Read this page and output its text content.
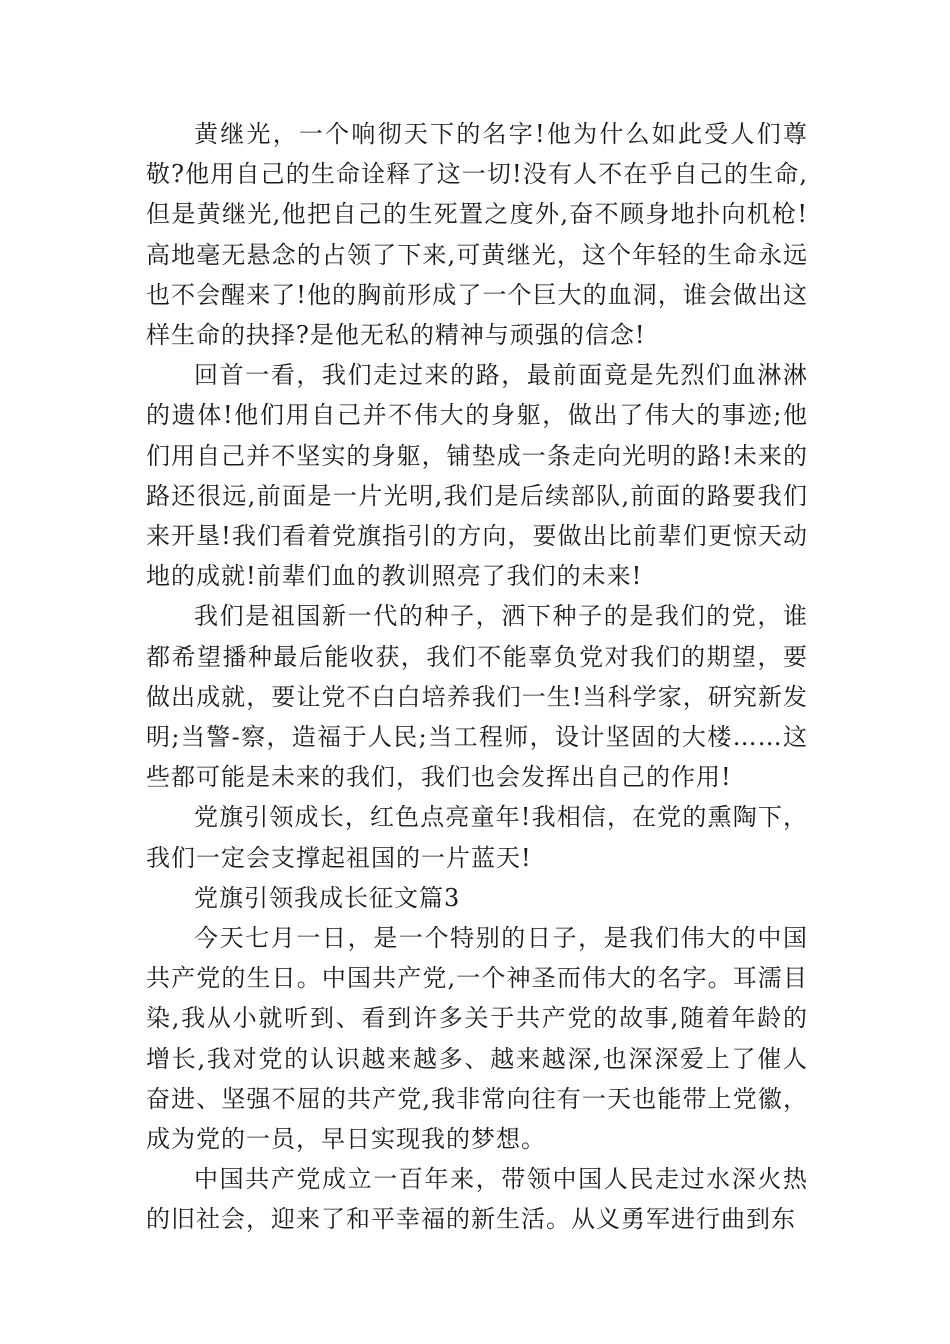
黄继光，一个响彻天下的名字!他为什么如此受人们尊敬?他用自己的生命诠释了这一切!没有人不在乎自己的生命,但是黄继光,他把自己的生死置之度外,奋不顾身地扑向机枪!高地毫无悬念的占领了下来,可黄继光，这个年轻的生命永远也不会醒来了!他的胸前形成了一个巨大的血洞，谁会做出这样生命的抉择?是他无私的精神与顽强的信念!

回首一看，我们走过来的路，最前面竟是先烈们血淋淋的遗体!他们用自己并不伟大的身躯，做出了伟大的事迹;他们用自己并不坚实的身躯，铺垫成一条走向光明的路!未来的路还很远,前面是一片光明,我们是后续部队,前面的路要我们来开垦!我们看着党旗指引的方向，要做出比前辈们更惊天动地的成就!前辈们血的教训照亮了我们的未来!

我们是祖国新一代的种子，洒下种子的是我们的党，谁都希望播种最后能收获，我们不能辜负党对我们的期望，要做出成就，要让党不白白培养我们一生!当科学家，研究新发明;当警-察，造福于人民;当工程师，设计坚固的大楼……这些都可能是未来的我们，我们也会发挥出自己的作用!

党旗引领成长，红色点亮童年!我相信，在党的熏陶下，我们一定会支撑起祖国的一片蓝天!

党旗引领我成长征文篇3

今天七月一日，是一个特别的日子，是我们伟大的中国共产党的生日。中国共产党,一个神圣而伟大的名字。耳濡目染,我从小就听到、看到许多关于共产党的故事,随着年龄的增长,我对党的认识越来越多、越来越深,也深深爱上了催人奋进、坚强不屈的共产党,我非常向往有一天也能带上党徽，成为党的一员，早日实现我的梦想。

中国共产党成立一百年来，带领中国人民走过水深火热的旧社会，迎来了和平幸福的新生活。从义勇军进行曲到东
